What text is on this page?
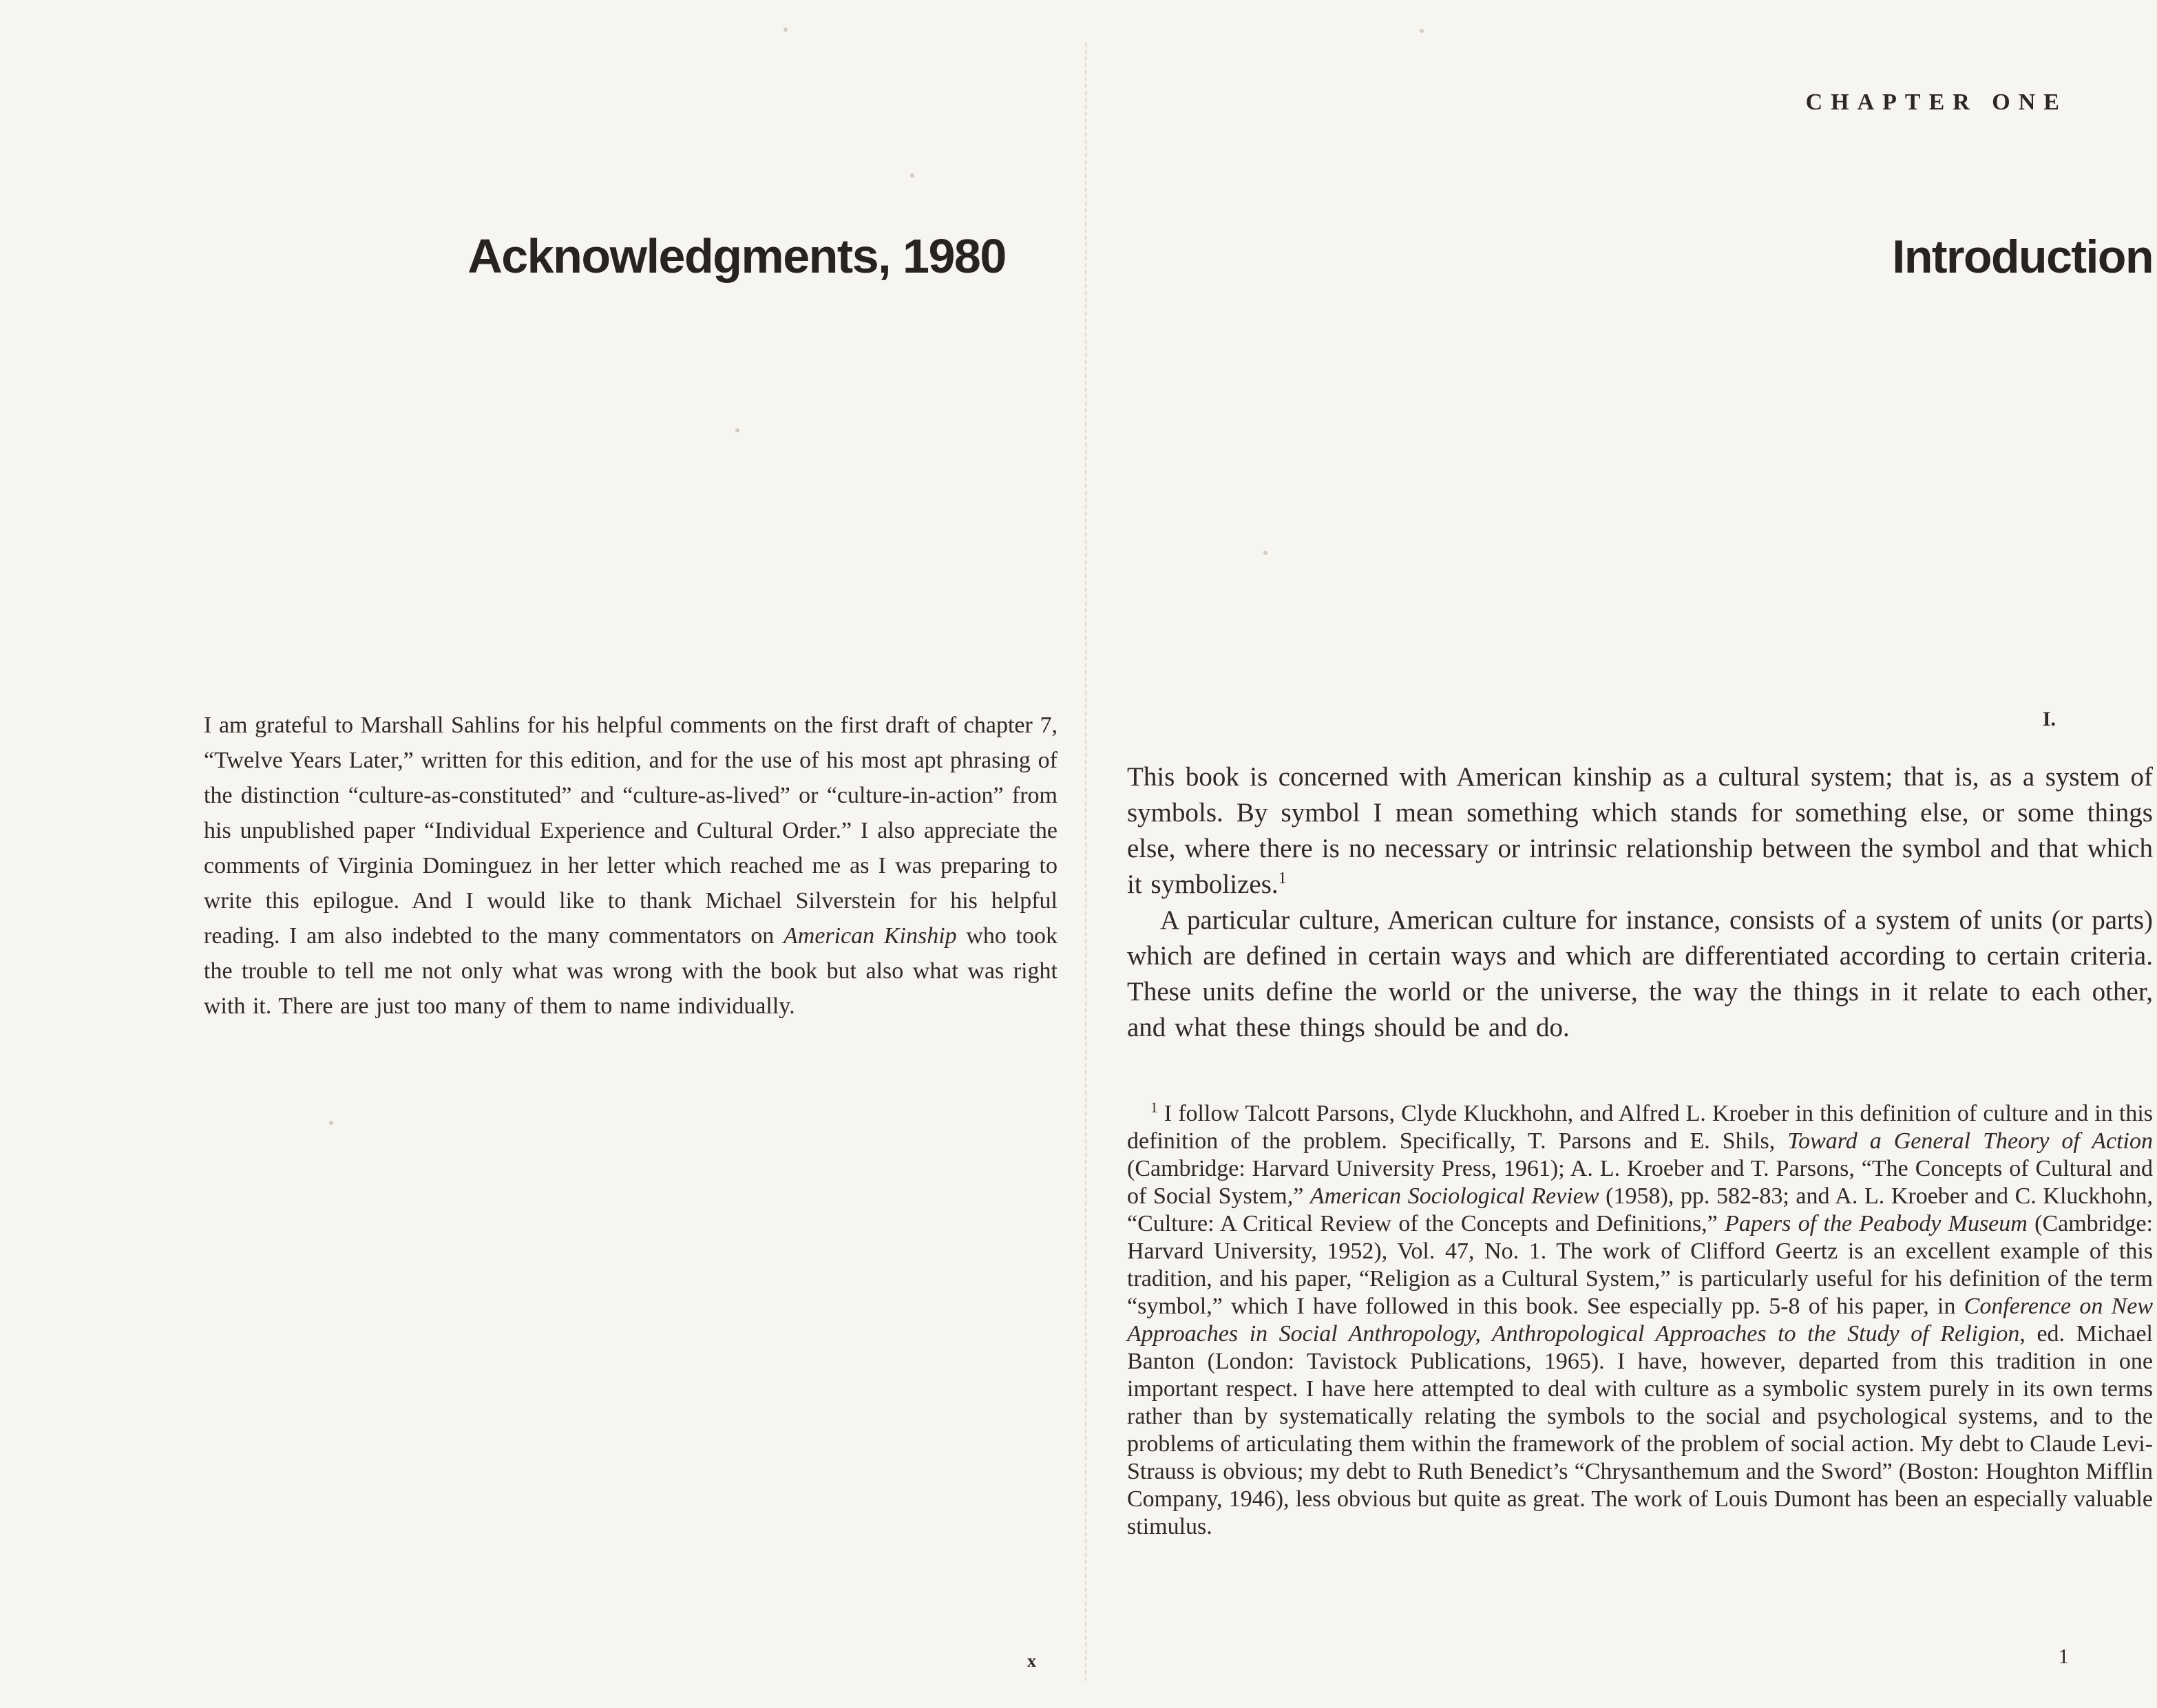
Acknowledgments, 1980

I am grateful to Marshall Sahlins for his helpful comments on the first draft of chapter 7, “Twelve Years Later,” written for this edition, and for the use of his most apt phrasing of the distinction “culture-as-constituted” and “culture-as-lived” or “culture-in-action” from his unpublished paper “Individual Experience and Cultural Order.” I also appreciate the comments of Virginia Dominguez in her letter which reached me as I was preparing to write this epilogue. And I would like to thank Michael Silverstein for his helpful reading. I am also indebted to the many commentators on American Kinship who took the trouble to tell me not only what was wrong with the book but also what was right with it. There are just too many of them to name individually.

x
CHAPTER ONE
Introduction
I.

This book is concerned with American kinship as a cultural system; that is, as a system of symbols. By symbol I mean something which stands for something else, or some things else, where there is no necessary or intrinsic relationship between the symbol and that which it symbolizes.$^1$

A particular culture, American culture for instance, consists of a system of units (or parts) which are defined in certain ways and which are differentiated according to certain criteria. These units define the world or the universe, the way the things in it relate to each other, and what these things should be and do.

$^1$ I follow Talcott Parsons, Clyde Kluckhohn, and Alfred L. Kroeber in this definition of culture and in this definition of the problem. Specifically, T. Parsons and E. Shils, Toward a General Theory of Action (Cambridge: Harvard University Press, 1961); A. L. Kroeber and T. Parsons, “The Concepts of Cultural and of Social System,” American Sociological Review (1958), pp. 582-83; and A. L. Kroeber and C. Kluckhohn, “Culture: A Critical Review of the Concepts and Definitions,” Papers of the Peabody Museum (Cambridge: Harvard University, 1952), Vol. 47, No. 1. The work of Clifford Geertz is an excellent example of this tradition, and his paper, “Religion as a Cultural System,” is particularly useful for his definition of the term “symbol,” which I have followed in this book. See especially pp. 5-8 of his paper, in Conference on New Approaches in Social Anthropology, Anthropological Approaches to the Study of Religion, ed. Michael Banton (London: Tavistock Publications, 1965). I have, however, departed from this tradition in one important respect. I have here attempted to deal with culture as a symbolic system purely in its own terms rather than by systematically relating the symbols to the social and psychological systems, and to the problems of articulating them within the framework of the problem of social action. My debt to Claude Levi-Strauss is obvious; my debt to Ruth Benedict’s “Chrysanthemum and the Sword” (Boston: Houghton Mifflin Company, 1946), less obvious but quite as great. The work of Louis Dumont has been an especially valuable stimulus.
1
